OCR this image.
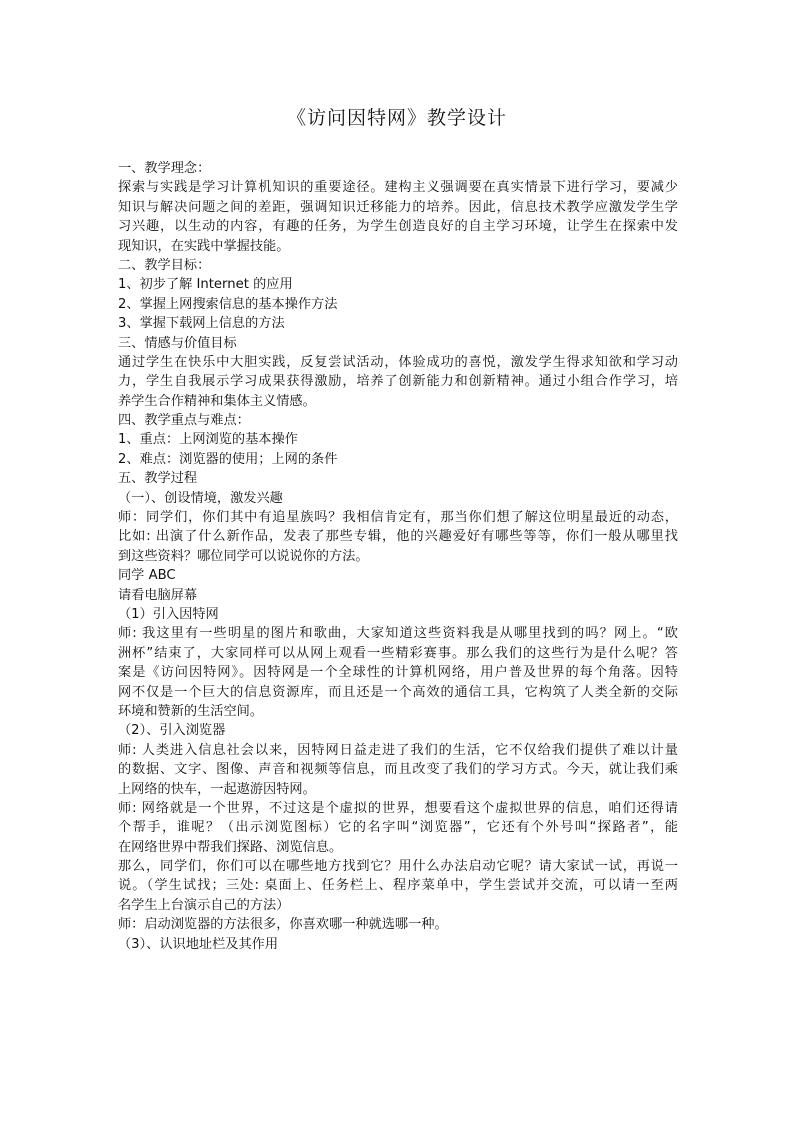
《访问因特网》教学设计
一、教学理念：
探索与实践是学习计算机知识的重要途径。建构主义强调要在真实情景下进行学习，要减少
知识与解决问题之间的差距，强调知识迁移能力的培养。因此，信息技术教学应激发学生学
习兴趣，以生动的内容，有趣的任务，为学生创造良好的自主学习环境，让学生在探索中发
现知识，在实践中掌握技能。
二、教学目标：
1、初步了解 Internet 的应用
2、掌握上网搜索信息的基本操作方法
3、掌握下载网上信息的方法
三、情感与价值目标
通过学生在快乐中大胆实践，反复尝试活动，体验成功的喜悦，激发学生得求知欲和学习动
力，学生自我展示学习成果获得激励，培养了创新能力和创新精神。通过小组合作学习，培
养学生合作精神和集体主义情感。
四、教学重点与难点：
1、重点：上网浏览的基本操作
2、难点：浏览器的使用；上网的条件
五、教学过程
（一）、创设情境，激发兴趣
师：同学们，你们其中有追星族吗？我相信肯定有，那当你们想了解这位明星最近的动态，
比如: 出演了什么新作品，发表了那些专辑，他的兴趣爱好有哪些等等，你们一般从哪里找
到这些资料？哪位同学可以说说你的方法。
同学 ABC
请看电脑屏幕
（1）引入因特网
师: 我这里有一些明星的图片和歌曲，大家知道这些资料我是从哪里找到的吗？网上。“欧
洲杯”结束了，大家同样可以从网上观看一些精彩赛事。那么我们的这些行为是什么呢？答
案是《访问因特网》。因特网是一个全球性的计算机网络，用户普及世界的每个角落。因特
网不仅是一个巨大的信息资源库，而且还是一个高效的通信工具，它构筑了人类全新的交际
环境和赞新的生活空间。
（2）、引入浏览器
师: 人类进入信息社会以来，因特网日益走进了我们的生活，它不仅给我们提供了难以计量
的数据、文字、图像、声音和视频等信息，而且改变了我们的学习方式。今天，就让我们乘
上网络的快车，一起遨游因特网。
师: 网络就是一个世界，不过这是个虚拟的世界，想要看这个虚拟世界的信息，咱们还得请
个帮手，谁呢？（出示浏览图标）它的名字叫“浏览器”，它还有个外号叫“探路者”，能
在网络世界中帮我们探路、浏览信息。
那么，同学们，你们可以在哪些地方找到它？用什么办法启动它呢？请大家试一试，再说一
说。（学生试找；三处: 桌面上、任务栏上、程序菜单中，学生尝试并交流，可以请一至两
名学生上台演示自己的方法）
师：启动浏览器的方法很多，你喜欢哪一种就选哪一种。
（3）、认识地址栏及其作用
